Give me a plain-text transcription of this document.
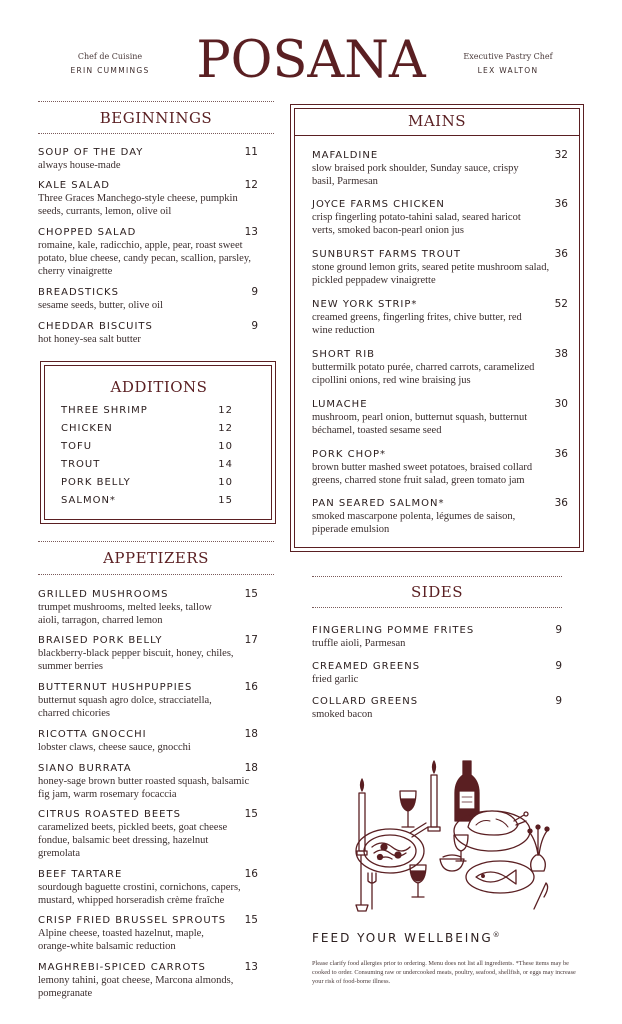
Chef de Cuisine
ERIN CUMMINGS POSANA	Executive Pastry Chef
LEX WALTON
BEGINNINGS
SOUP OF THE DAY	11
always house-made
KALE SALAD	12
Three Graces Manchego-style cheese, pumpkin seeds, currants, lemon, olive oil
CHOPPED SALAD	13
romaine, kale, radicchio, apple, pear, roast sweet potato, blue cheese, candy pecan, scallion, parsley, cherry vinaigrette
BREADSTICKS	9
sesame seeds, butter, olive oil
CHEDDAR BISCUITS	9
hot honey-sea salt butter
ADDITIONS
THREE SHRIMP	12
CHICKEN	12
TOFU	10
TROUT	14
PORK BELLY	10
SALMON*	15
APPETIZERS
GRILLED MUSHROOMS	15
trumpet mushrooms, melted leeks, tallow aioli, tarragon, charred lemon
BRAISED PORK BELLY	17
blackberry-black pepper biscuit, honey, chiles, summer berries
BUTTERNUT HUSHPUPPIES	16
butternut squash agro dolce, stracciatella, charred chicories
RICOTTA GNOCCHI	18
lobster claws, cheese sauce, gnocchi
SIANO BURRATA	18
honey-sage brown butter roasted squash, balsamic fig jam, warm rosemary focaccia
CITRUS ROASTED BEETS	15
caramelized beets, pickled beets, goat cheese fondue, balsamic beet dressing, hazelnut gremolata
BEEF TARTARE	16
sourdough baguette crostini, cornichons, capers, mustard, whipped horseradish crème fraîche
CRISP FRIED BRUSSEL SPROUTS 15
Alpine cheese, toasted hazelnut, maple, orange-white balsamic reduction
MAGHREBI-SPICED CARROTS	13
lemony tahini, goat cheese, Marcona almonds, pomegranate
MAINS
MAFALDINE	32
slow braised pork shoulder, Sunday sauce, crispy basil, Parmesan
JOYCE FARMS CHICKEN	36
crisp fingerling potato-tahini salad, seared haricot verts, smoked bacon-pearl onion jus
SUNBURST FARMS TROUT	36
stone ground lemon grits, seared petite mushroom salad, pickled peppadew vinaigrette
NEW YORK STRIP*	52
creamed greens, fingerling frites, chive butter, red wine reduction
SHORT RIB	38
buttermilk potato purée, charred carrots, caramelized cipollini onions, red wine braising jus
LUMACHE	30
mushroom, pearl onion, butternut squash, butternut béchamel, toasted sesame seed
PORK CHOP*	36
brown butter mashed sweet potatoes, braised collard greens, charred stone fruit salad, green tomato jam
PAN SEARED SALMON*	36
smoked mascarpone polenta, légumes de saison, piperade emulsion
SIDES
FINGERLING POMME FRITES	9
truffle aioli, Parmesan
CREAMED GREENS	9
fried garlic
COLLARD GREENS	9
smoked bacon
FEED YOUR WELLBEING®
Please clarify food allergies prior to ordering. Menu does not list all ingredients. *These items may be cooked to order. Consuming raw or undercooked meats, poultry, seafood, shellfish, or eggs may increase your risk of food-borne illness.
